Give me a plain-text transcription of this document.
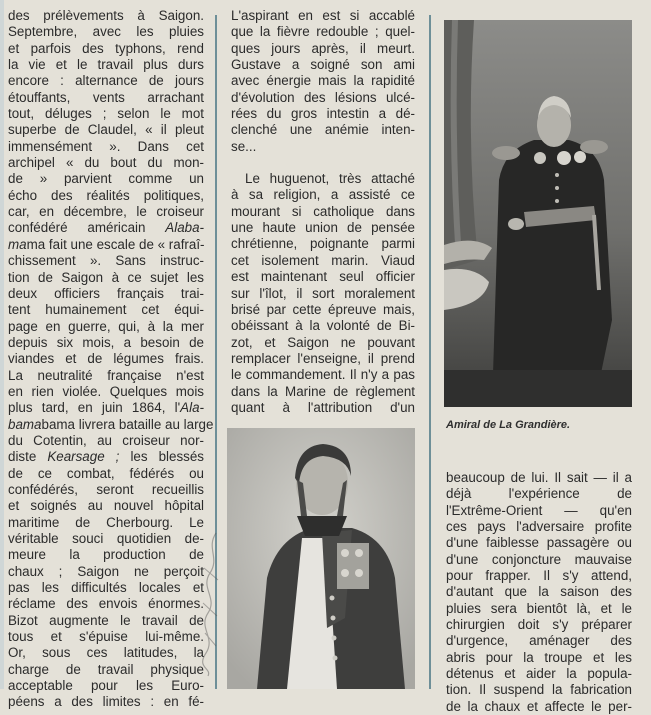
des prélèvements à Saigon.
Septembre, avec les pluies
et parfois des typhons, rend
la vie et le travail plus durs
encore : alternance de jours
étouffants, vents arrachant
tout, déluges ; selon le mot
superbe de Claudel, « il pleut
immensément ». Dans cet
archipel « du bout du mon-
de » parvient comme un
écho des réalités politiques,
car, en décembre, le croiseur
confédéré américain Alaba-
mama fait une escale de « rafraî-
chissement ». Sans instruc-
tion de Saigon à ce sujet les
deux officiers français trai-
tent humainement cet équi-
page en guerre, qui, à la mer
depuis six mois, a besoin de
viandes et de légumes frais.
La neutralité française n'est
en rien violée. Quelques mois
plus tard, en juin 1864, l'Ala-
bamabama livrera bataille au large
du Cotentin, au croiseur nor-
diste Kearsage ; les blessés
de ce combat, fédérés ou
confédérés, seront recueillis
et soignés au nouvel hôpital
maritime de Cherbourg. Le
véritable souci quotidien de-
meure la production de
chaux ; Saigon ne perçoit
pas les difficultés locales et
réclame des envois énormes.
Bizot augmente le travail de
tous et s'épuise lui-même.
Or, sous ces latitudes, la
charge de travail physique
acceptable pour les Euro-
péens a des limites : en fé-
L'aspirant en est si accablé
que la fièvre redouble ; quel-
ques jours après, il meurt.
Gustave a soigné son ami
avec énergie mais la rapidité
d'évolution des lésions ulcé-
rées du gros intestin a dé-
clenché une anémie inten-
se...
Le huguenot, très attaché
à sa religion, a assisté ce
mourant si catholique dans
une haute union de pensée
chrétienne, poignante parmi
cet isolement marin. Viaud
est maintenant seul officier
sur l'îlot, il sort moralement
brisé par cette épreuve mais,
obéissant à la volonté de Bi-
zot, et Saigon ne pouvant
remplacer l'enseigne, il prend
le commandement. Il n'y a pas
dans la Marine de règlement
quant à l'attribution d'un
Amiral de La Grandière.
beaucoup de lui. Il sait — il a
déjà l'expérience de
l'Extrême-Orient — qu'en
ces pays l'adversaire profite
d'une faiblesse passagère ou
d'une conjoncture mauvaise
pour frapper. Il s'y attend,
d'autant que la saison des
pluies sera bientôt là, et le
chirurgien doit s'y préparer
d'urgence, aménager des
abris pour la troupe et les
détenus et aider la popula-
tion. Il suspend la fabrication
de la chaux et affecte le per-
